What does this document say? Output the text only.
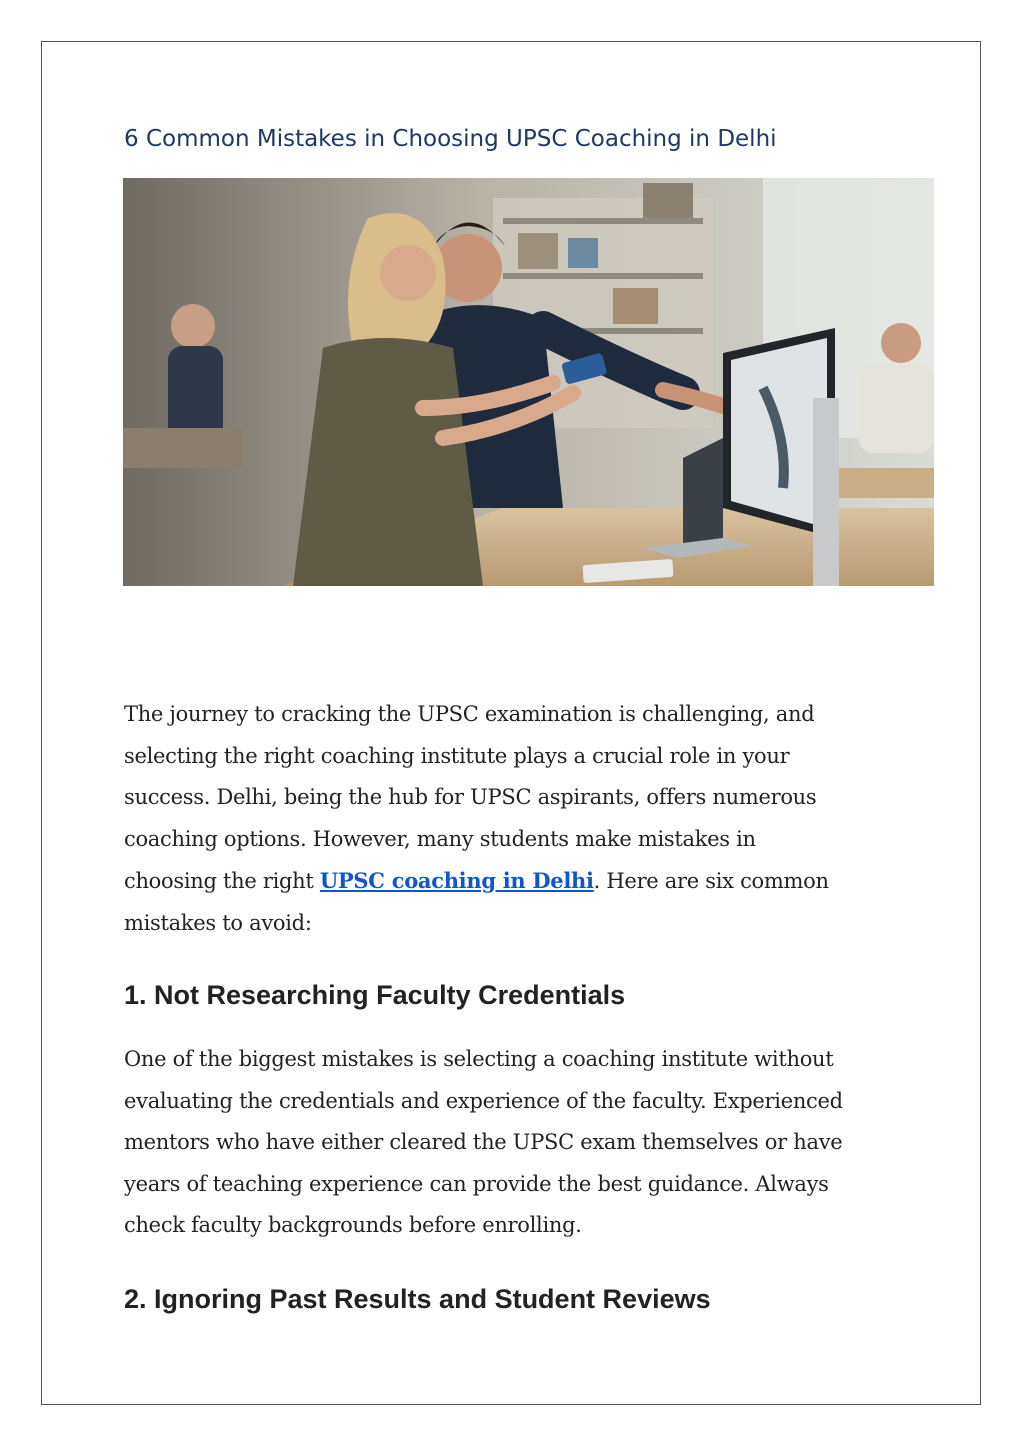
6 Common Mistakes in Choosing UPSC Coaching in Delhi

The journey to cracking the UPSC examination is challenging, and
selecting the right coaching institute plays a crucial role in your
success. Delhi, being the hub for UPSC aspirants, offers numerous
coaching options. However, many students make mistakes in
choosing the right UPSC coaching in Delhi. Here are six common
mistakes to avoid:

1. Not Researching Faculty Credentials

One of the biggest mistakes is selecting a coaching institute without
evaluating the credentials and experience of the faculty. Experienced
mentors who have either cleared the UPSC exam themselves or have
years of teaching experience can provide the best guidance. Always
check faculty backgrounds before enrolling.

2. Ignoring Past Results and Student Reviews
